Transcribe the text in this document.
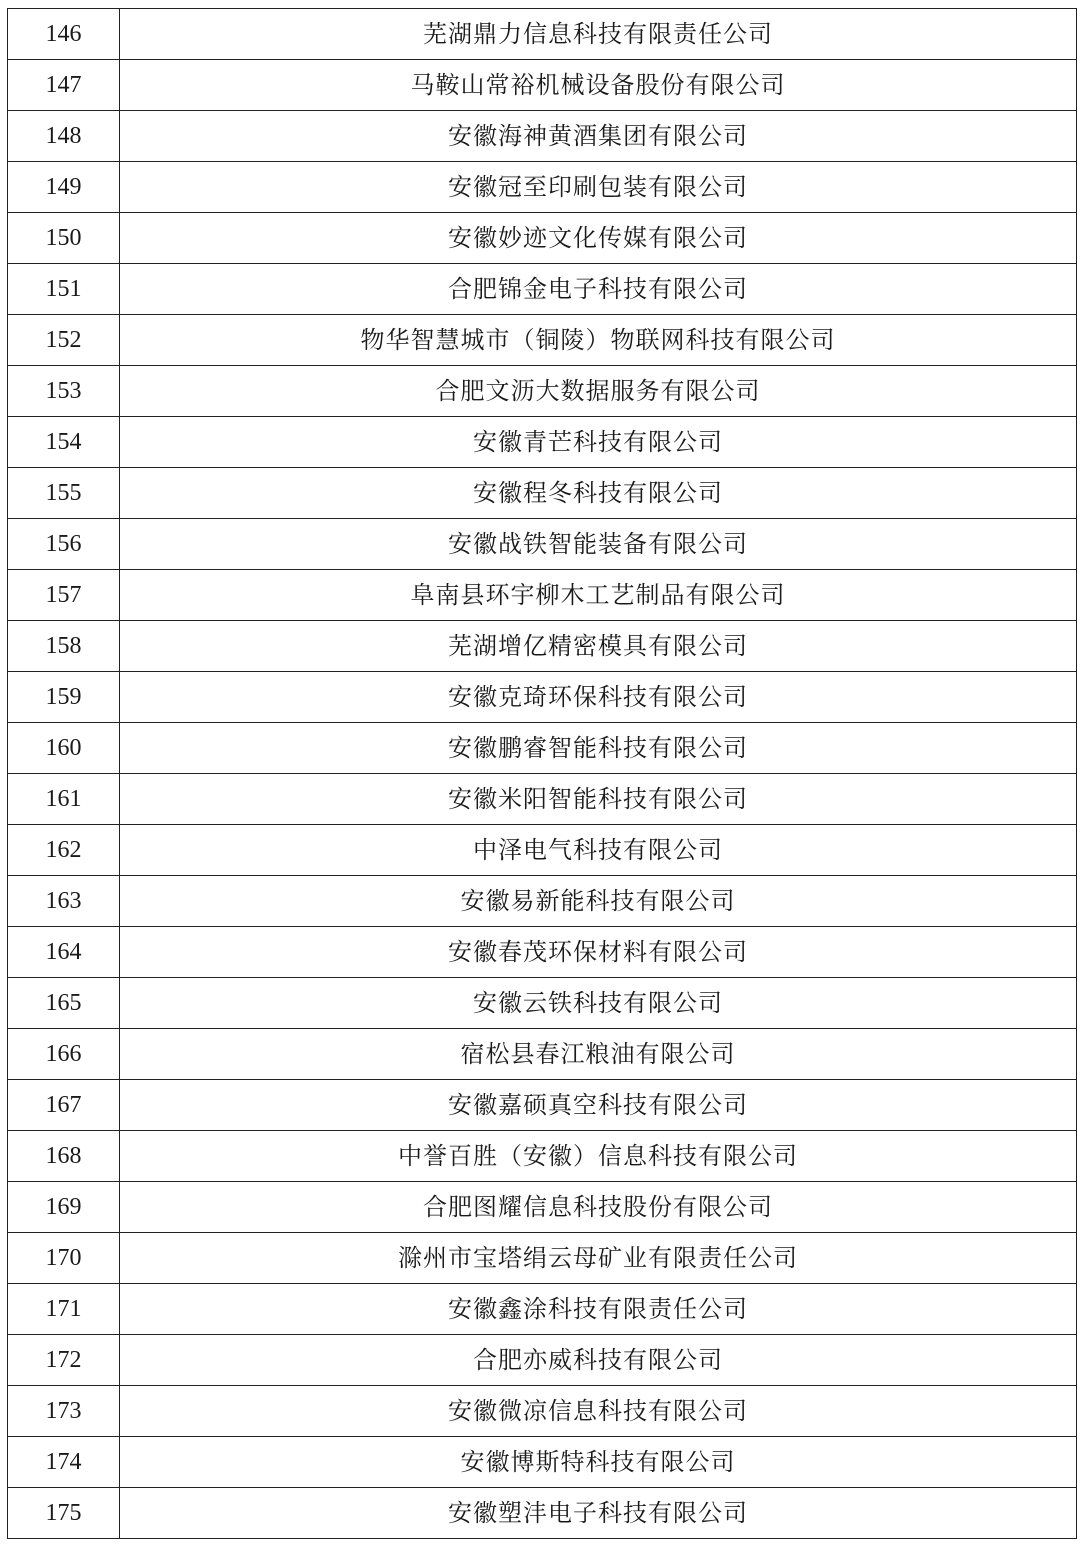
146	芜湖鼎力信息科技有限责任公司
147	马鞍山常裕机械设备股份有限公司
148	安徽海神黄酒集团有限公司
149	安徽冠至印刷包装有限公司
150	安徽妙迹文化传媒有限公司
151	合肥锦金电子科技有限公司
152	物华智慧城市（铜陵）物联网科技有限公司
153	合肥文沥大数据服务有限公司
154	安徽青芒科技有限公司
155	安徽程冬科技有限公司
156	安徽战铁智能装备有限公司
157	阜南县环宇柳木工艺制品有限公司
158	芜湖增亿精密模具有限公司
159	安徽克琦环保科技有限公司
160	安徽鹏睿智能科技有限公司
161	安徽米阳智能科技有限公司
162	中泽电气科技有限公司
163	安徽易新能科技有限公司
164	安徽春茂环保材料有限公司
165	安徽云铁科技有限公司
166	宿松县春江粮油有限公司
167	安徽嘉硕真空科技有限公司
168	中誉百胜（安徽）信息科技有限公司
169	合肥图耀信息科技股份有限公司
170	滁州市宝塔绢云母矿业有限责任公司
171	安徽鑫涂科技有限责任公司
172	合肥亦威科技有限公司
173	安徽微凉信息科技有限公司
174	安徽博斯特科技有限公司
175	安徽塑沣电子科技有限公司
